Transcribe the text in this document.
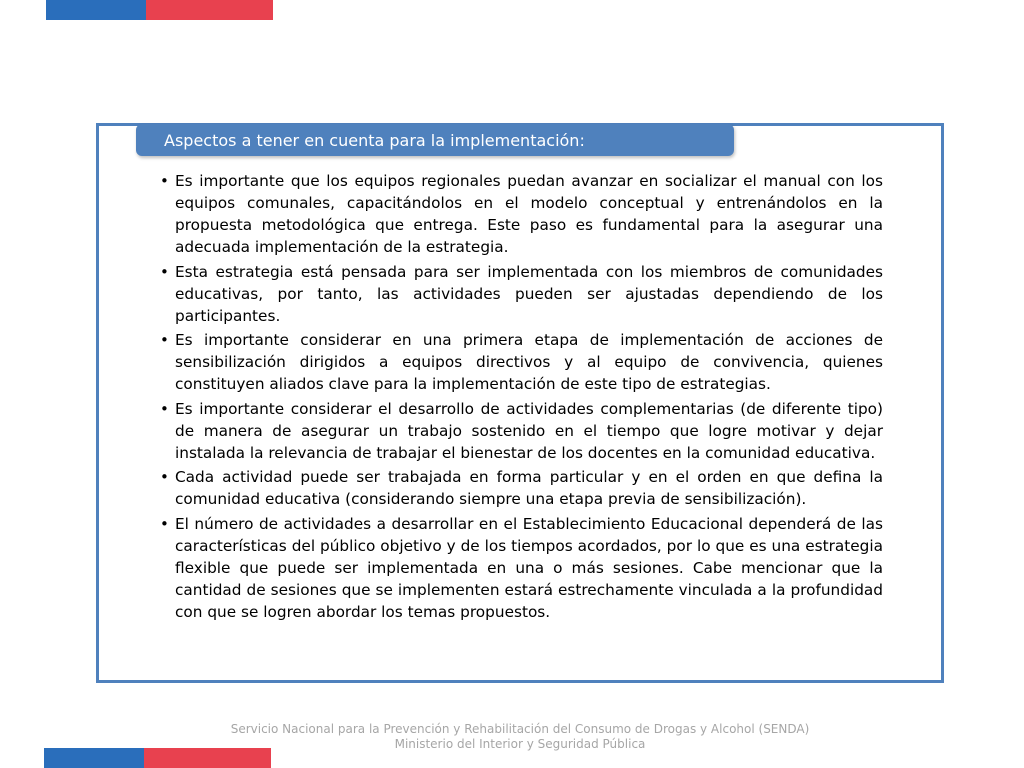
Aspectos a tener en cuenta para la implementación:
• Es importante que los equipos regionales puedan avanzar en socializar el manual con los equipos comunales, capacitándolos en el modelo conceptual y entrenándolos en la propuesta metodológica que entrega. Este paso es fundamental para la asegurar una adecuada implementación de la estrategia.
• Esta estrategia está pensada para ser implementada con los miembros de comunidades educativas, por tanto, las actividades pueden ser ajustadas dependiendo de los participantes.
• Es importante considerar en una primera etapa de implementación de acciones de sensibilización dirigidos a equipos directivos y al equipo de convivencia, quienes constituyen aliados clave para la implementación de este tipo de estrategias.
• Es importante considerar el desarrollo de actividades complementarias (de diferente tipo) de manera de asegurar un trabajo sostenido en el tiempo que logre motivar y dejar instalada la relevancia de trabajar el bienestar de los docentes en la comunidad educativa.
• Cada actividad puede ser trabajada en forma particular y en el orden en que defina la comunidad educativa (considerando siempre una etapa previa de sensibilización).
• El número de actividades a desarrollar en el Establecimiento Educacional dependerá de las características del público objetivo y de los tiempos acordados, por lo que es una estrategia flexible que puede ser implementada en una o más sesiones. Cabe mencionar que la cantidad de sesiones que se implementen estará estrechamente vinculada a la profundidad con que se logren abordar los temas propuestos.
Servicio Nacional para la Prevención y Rehabilitación del Consumo de Drogas y Alcohol (SENDA)
Ministerio del Interior y Seguridad Pública
